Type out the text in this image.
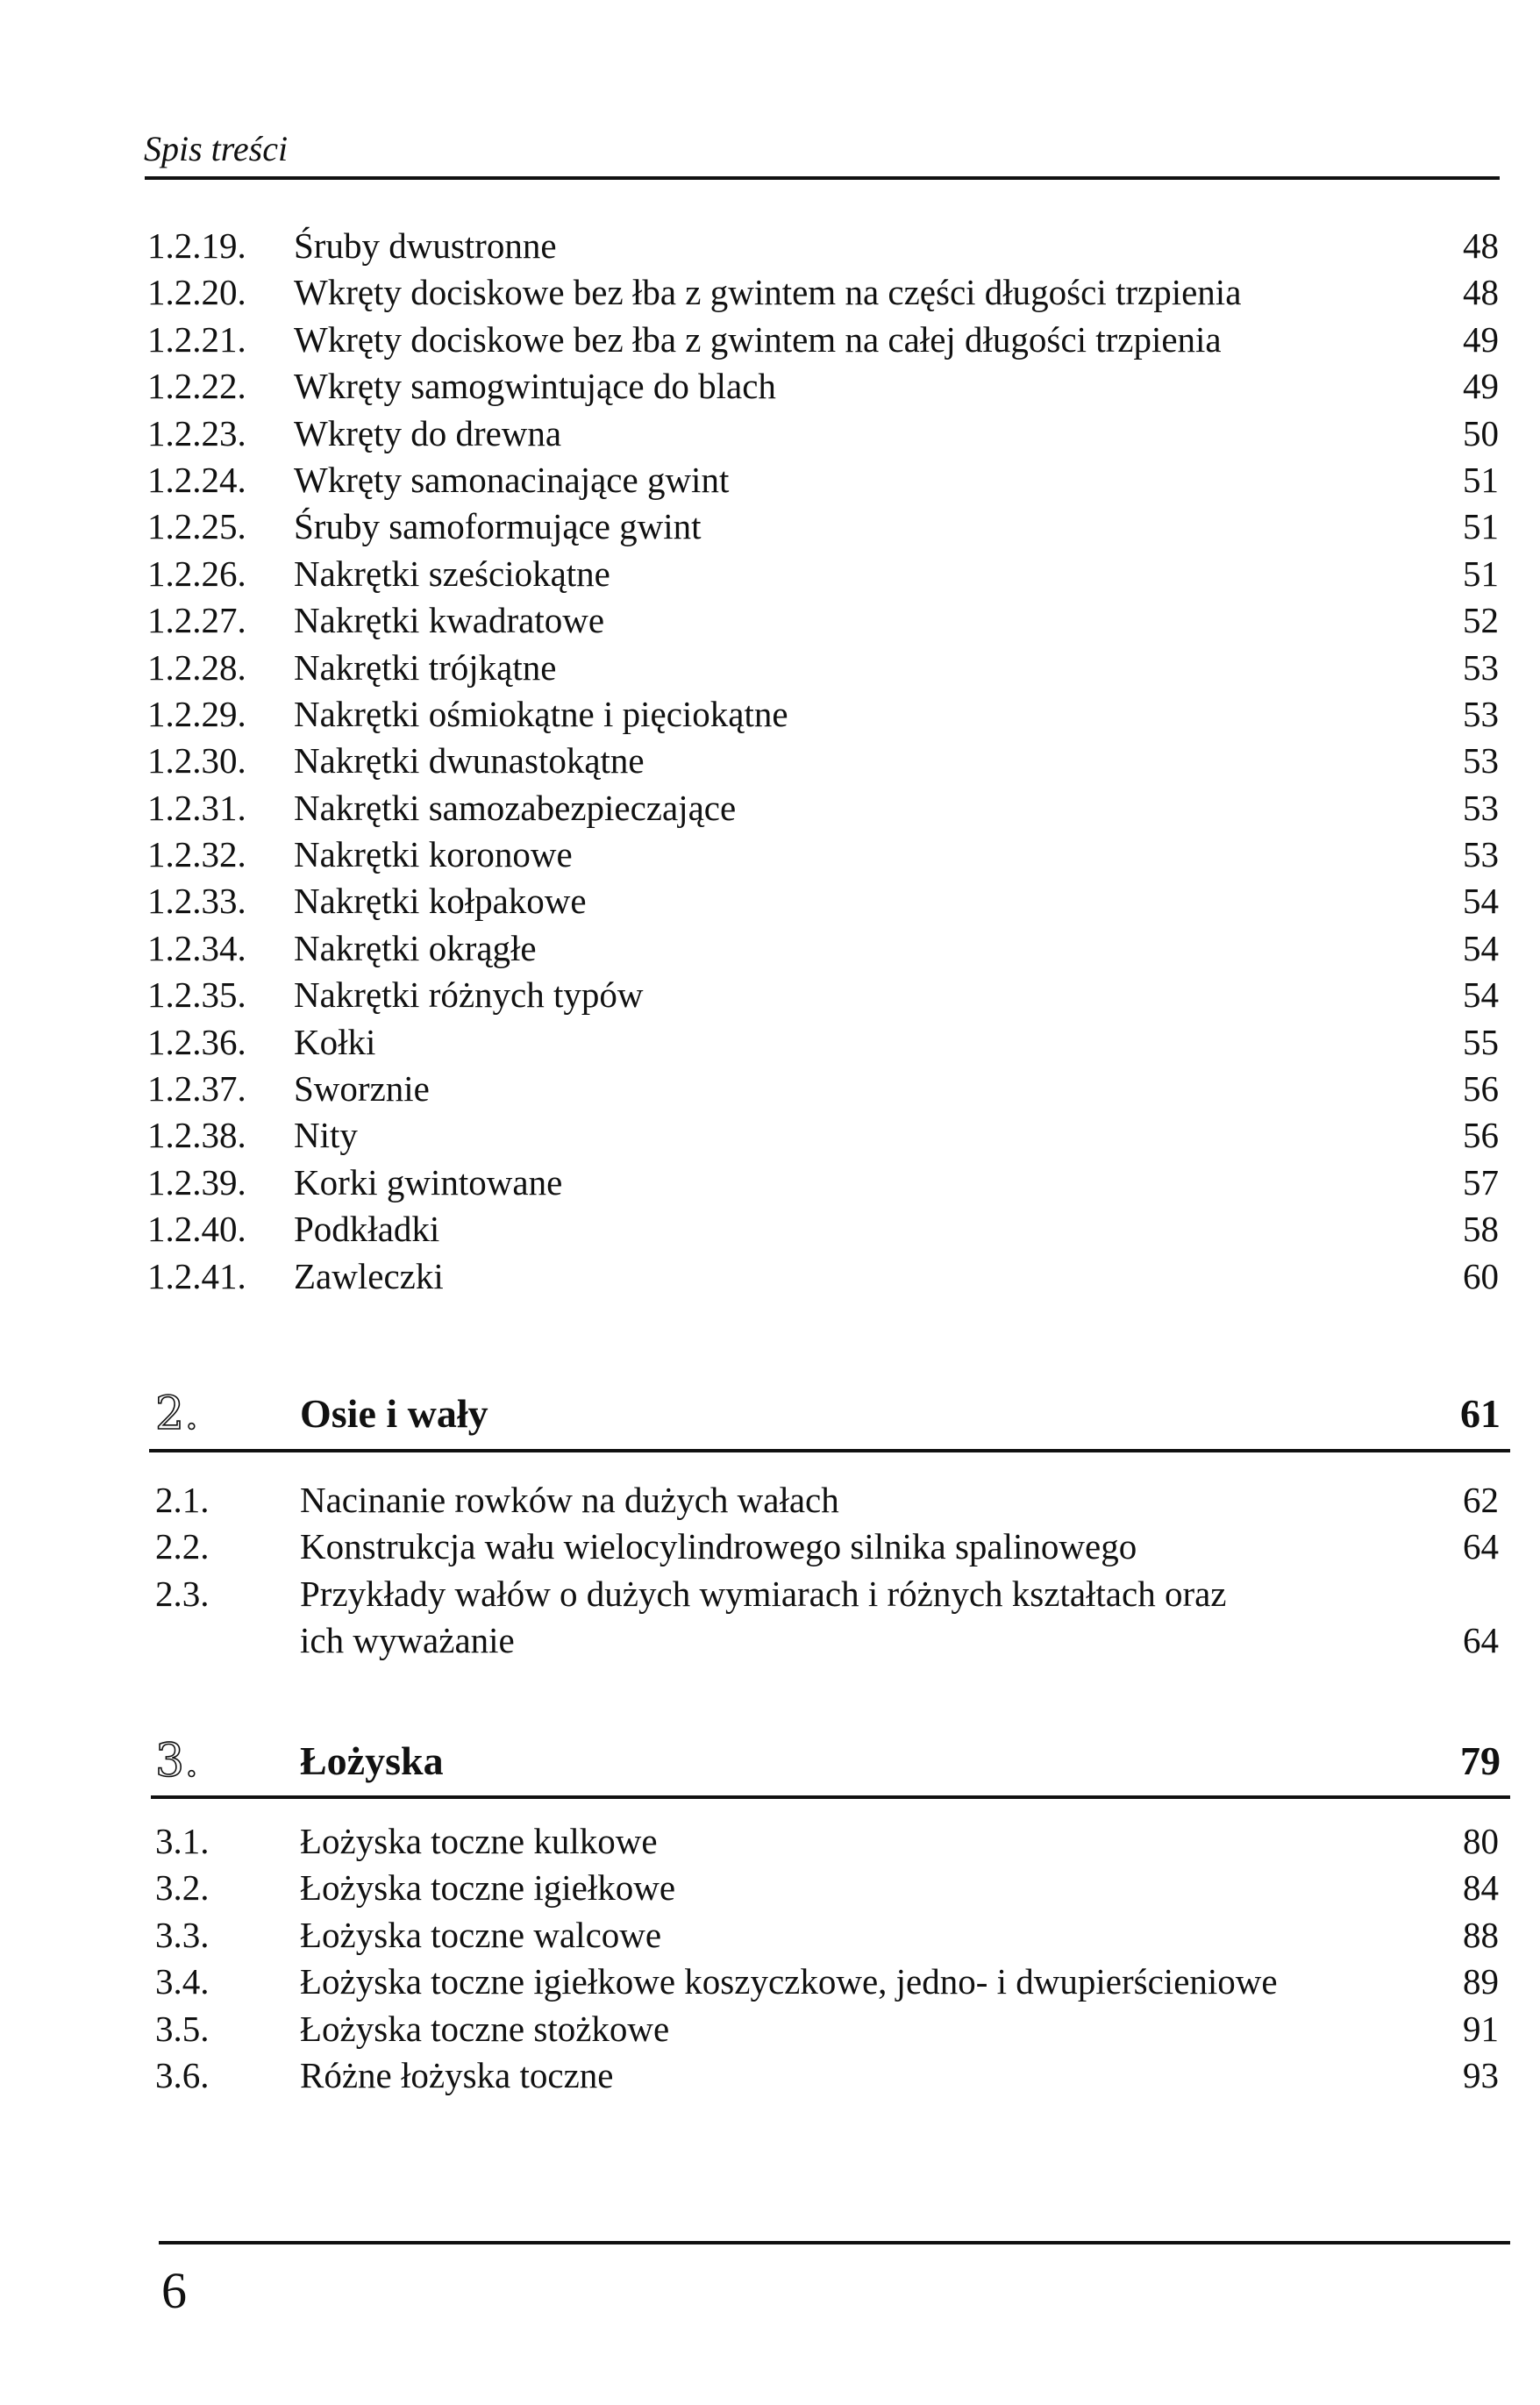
Spis treści
1.2.19. Śruby dwustronne	48
1.2.20. Wkręty dociskowe bez łba z gwintem na części długości trzpienia	48
1.2.21. Wkręty dociskowe bez łba z gwintem na całej długości trzpienia	49
1.2.22. Wkręty samogwintujące do blach	49
1.2.23. Wkręty do drewna	50
1.2.24. Wkręty samonacinające gwint	51
1.2.25. Śruby samoformujące gwint	51
1.2.26. Nakrętki sześciokątne	51
1.2.27. Nakrętki kwadratowe	52
1.2.28. Nakrętki trójkątne	53
1.2.29. Nakrętki ośmiokątne i pięciokątne	53
1.2.30. Nakrętki dwunastokątne	53
1.2.31. Nakrętki samozabezpieczające	53
1.2.32. Nakrętki koronowe	53
1.2.33. Nakrętki kołpakowe	54
1.2.34. Nakrętki okrągłe	54
1.2.35. Nakrętki różnych typów	54
1.2.36. Kołki	55
1.2.37. Sworznie	56
1.2.38. Nity	56
1.2.39. Korki gwintowane	57
1.2.40. Podkładki	58
1.2.41. Zawleczki	60
2.	Osie i wały	61
2.1.	Nacinanie rowków na dużych wałach	62
2.2.	Konstrukcja wału wielocylindrowego silnika spalinowego	64
2.3.	Przykłady wałów o dużych wymiarach i różnych kształtach oraz ich wyważanie	64
3.	Łożyska	79
3.1.	Łożyska toczne kulkowe	80
3.2.	Łożyska toczne igiełkowe	84
3.3.	Łożyska toczne walcowe	88
3.4.	Łożyska toczne igiełkowe koszyczkowe, jedno- i dwupierścieniowe	89
3.5.	Łożyska toczne stożkowe	91
3.6.	Różne łożyska toczne	93
6
